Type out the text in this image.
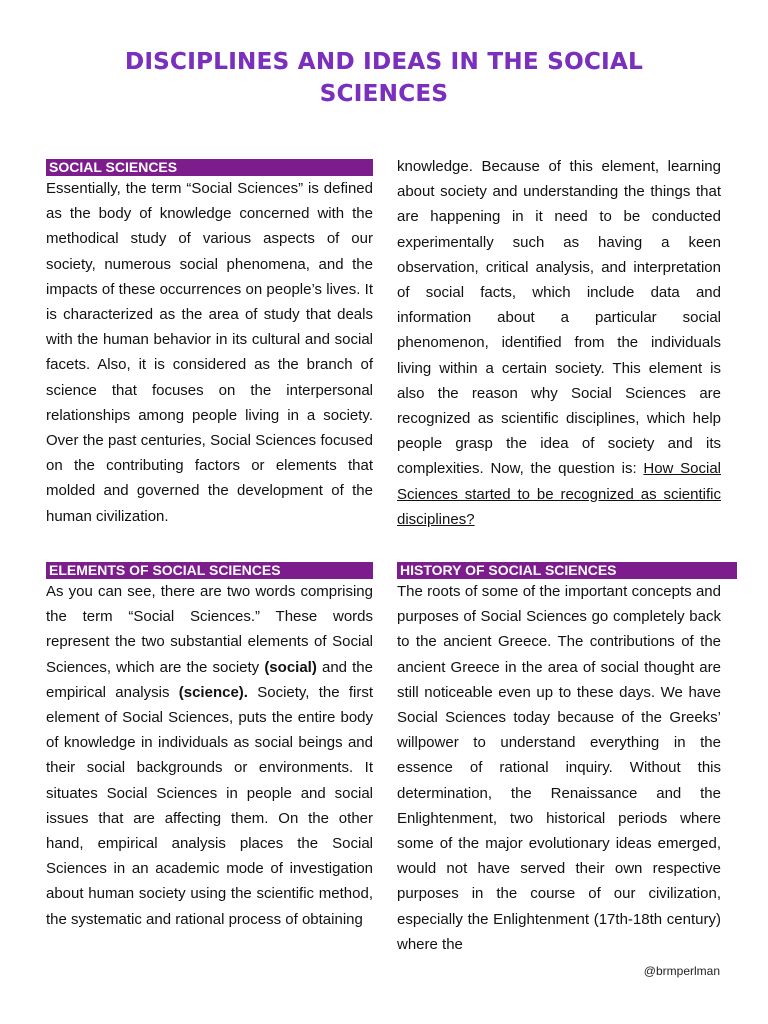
DISCIPLINES AND IDEAS IN THE SOCIAL
SCIENCES
SOCIAL SCIENCES

Essentially, the term “Social Sciences” is defined as the body of knowledge concerned with the methodical study of various aspects of our society, numerous social phenomena, and the impacts of these occurrences on people’s lives. It is characterized as the area of study that deals with the human behavior in its cultural and social facets. Also, it is considered as the branch of science that focuses on the interpersonal relationships among people living in a society. Over the past centuries, Social Sciences focused on the contributing factors or elements that molded and governed the development of the human civilization.

ELEMENTS OF SOCIAL SCIENCES

As you can see, there are two words comprising the term “Social Sciences.” These words represent the two substantial elements of Social Sciences, which are the society (social) and the empirical analysis (science). Society, the first element of Social Sciences, puts the entire body of knowledge in individuals as social beings and their social backgrounds or environments. It situates Social Sciences in people and social issues that are affecting them. On the other hand, empirical analysis places the Social Sciences in an academic mode of investigation about human society using the scientific method, the systematic and rational process of obtaining

knowledge. Because of this element, learning about society and understanding the things that are happening in it need to be conducted experimentally such as having a keen observation, critical analysis, and interpretation of social facts, which include data and information about a particular social phenomenon, identified from the individuals living within a certain society. This element is also the reason why Social Sciences are recognized as scientific disciplines, which help people grasp the idea of society and its complexities. Now, the question is: How Social Sciences started to be recognized as scientific disciplines?

HISTORY OF SOCIAL SCIENCES

The roots of some of the important concepts and purposes of Social Sciences go completely back to the ancient Greece. The contributions of the ancient Greece in the area of social thought are still noticeable even up to these days. We have Social Sciences today because of the Greeks’ willpower to understand everything in the essence of rational inquiry. Without this determination, the Renaissance and the Enlightenment, two historical periods where some of the major evolutionary ideas emerged, would not have served their own respective purposes in the course of our civilization, especially the Enlightenment (17th-18th century) where the

@brmperlman
